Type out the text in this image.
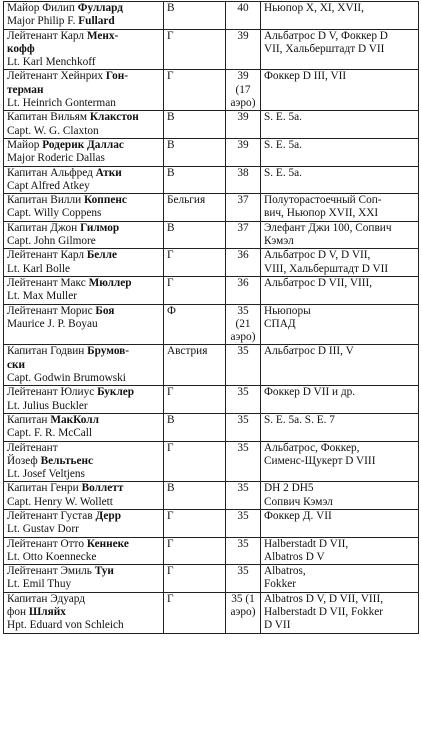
Майор Филип Фуллард
Major Philip F. Fullard	В	40	Ньюпор X, XI, XVII,

Лейтенант Карл Менх-
кофф
Lt. Karl Menchkoff	Г	39	Альбатрос D V, Фоккер D
VII, Хальберштадт D VII

Лейтенант Хейнрих Гон-
терман
Lt. Heinrich Gonterman	Г	39
(17
аэро)	Фоккер D III, VII

Капитан Вильям Клакстон
Capt. W. G. Claxton	В	39	S. E. 5a.

Майор Родерик Даллас
Major Roderic Dallas	В	39	S. E. 5a.

Капитан Альфред Атки
Capt Alfred Atkey	В	38	S. E. 5a.

Капитан Вилли Коппенс
Capt. Willy Coppens	Бельгия	37	Полуторастоечный Соп-
вич, Ньюпор XVII, XXI

Капитан Джон Гилмор
Capt. John Gilmore	В	37	Элефант Джи 100, Сопвич
Кэмэл

Лейтенант Карл Белле
Lt. Karl Bolle	Г	36	Альбатрос D V, D VII,
VIII, Хальберштадт D VII

Лейтенант Макс Мюллер
Lt. Max Muller	Г	36	Альбатрос D VII, VIII,

Лейтенант Морис Боя
Maurice J. P. Boyau	Ф	35
(21
аэро)	Ньюпоры
СПАД

Капитан Годвин Брумов-
ски
Capt. Godwin Brumowski	Австрия	35	Альбатрос D III, V

Лейтенант Юлиус Буклер
Lt. Julius Buckler	Г	35	Фоккер D VII и др.

Капитан МакКолл
Capt. F. R. McCall	В	35	S. E. 5a. S. E. 7

Лейтенант
Йозеф Вельтьенс
Lt. Josef Veltjens	Г	35	Альбатрос, Фоккер,
Сименс-Щукерт D VIII

Капитан Генри Воллетт
Capt. Henry W. Wollett	В	35	DH 2 DH5
Сопвич Кэмэл

Лейтенант Густав Дерр
Lt. Gustav Dorr	Г	35	Фоккер Д. VII

Лейтенант Отто Кеннеке
Lt. Otto Koennecke	Г	35	Halberstadt D VII,
Albatros D V

Лейтенант Эмиль Туи
Lt. Emil Thuy	Г	35	Albatros,
Fokker

Капитан Эдуард
фон Шляйх
Hpt. Eduard von Schleich	Г	35 (1
аэро)	Albatros D V, D VII, VIII,
Halberstadt D VII, Fokker
D VII
